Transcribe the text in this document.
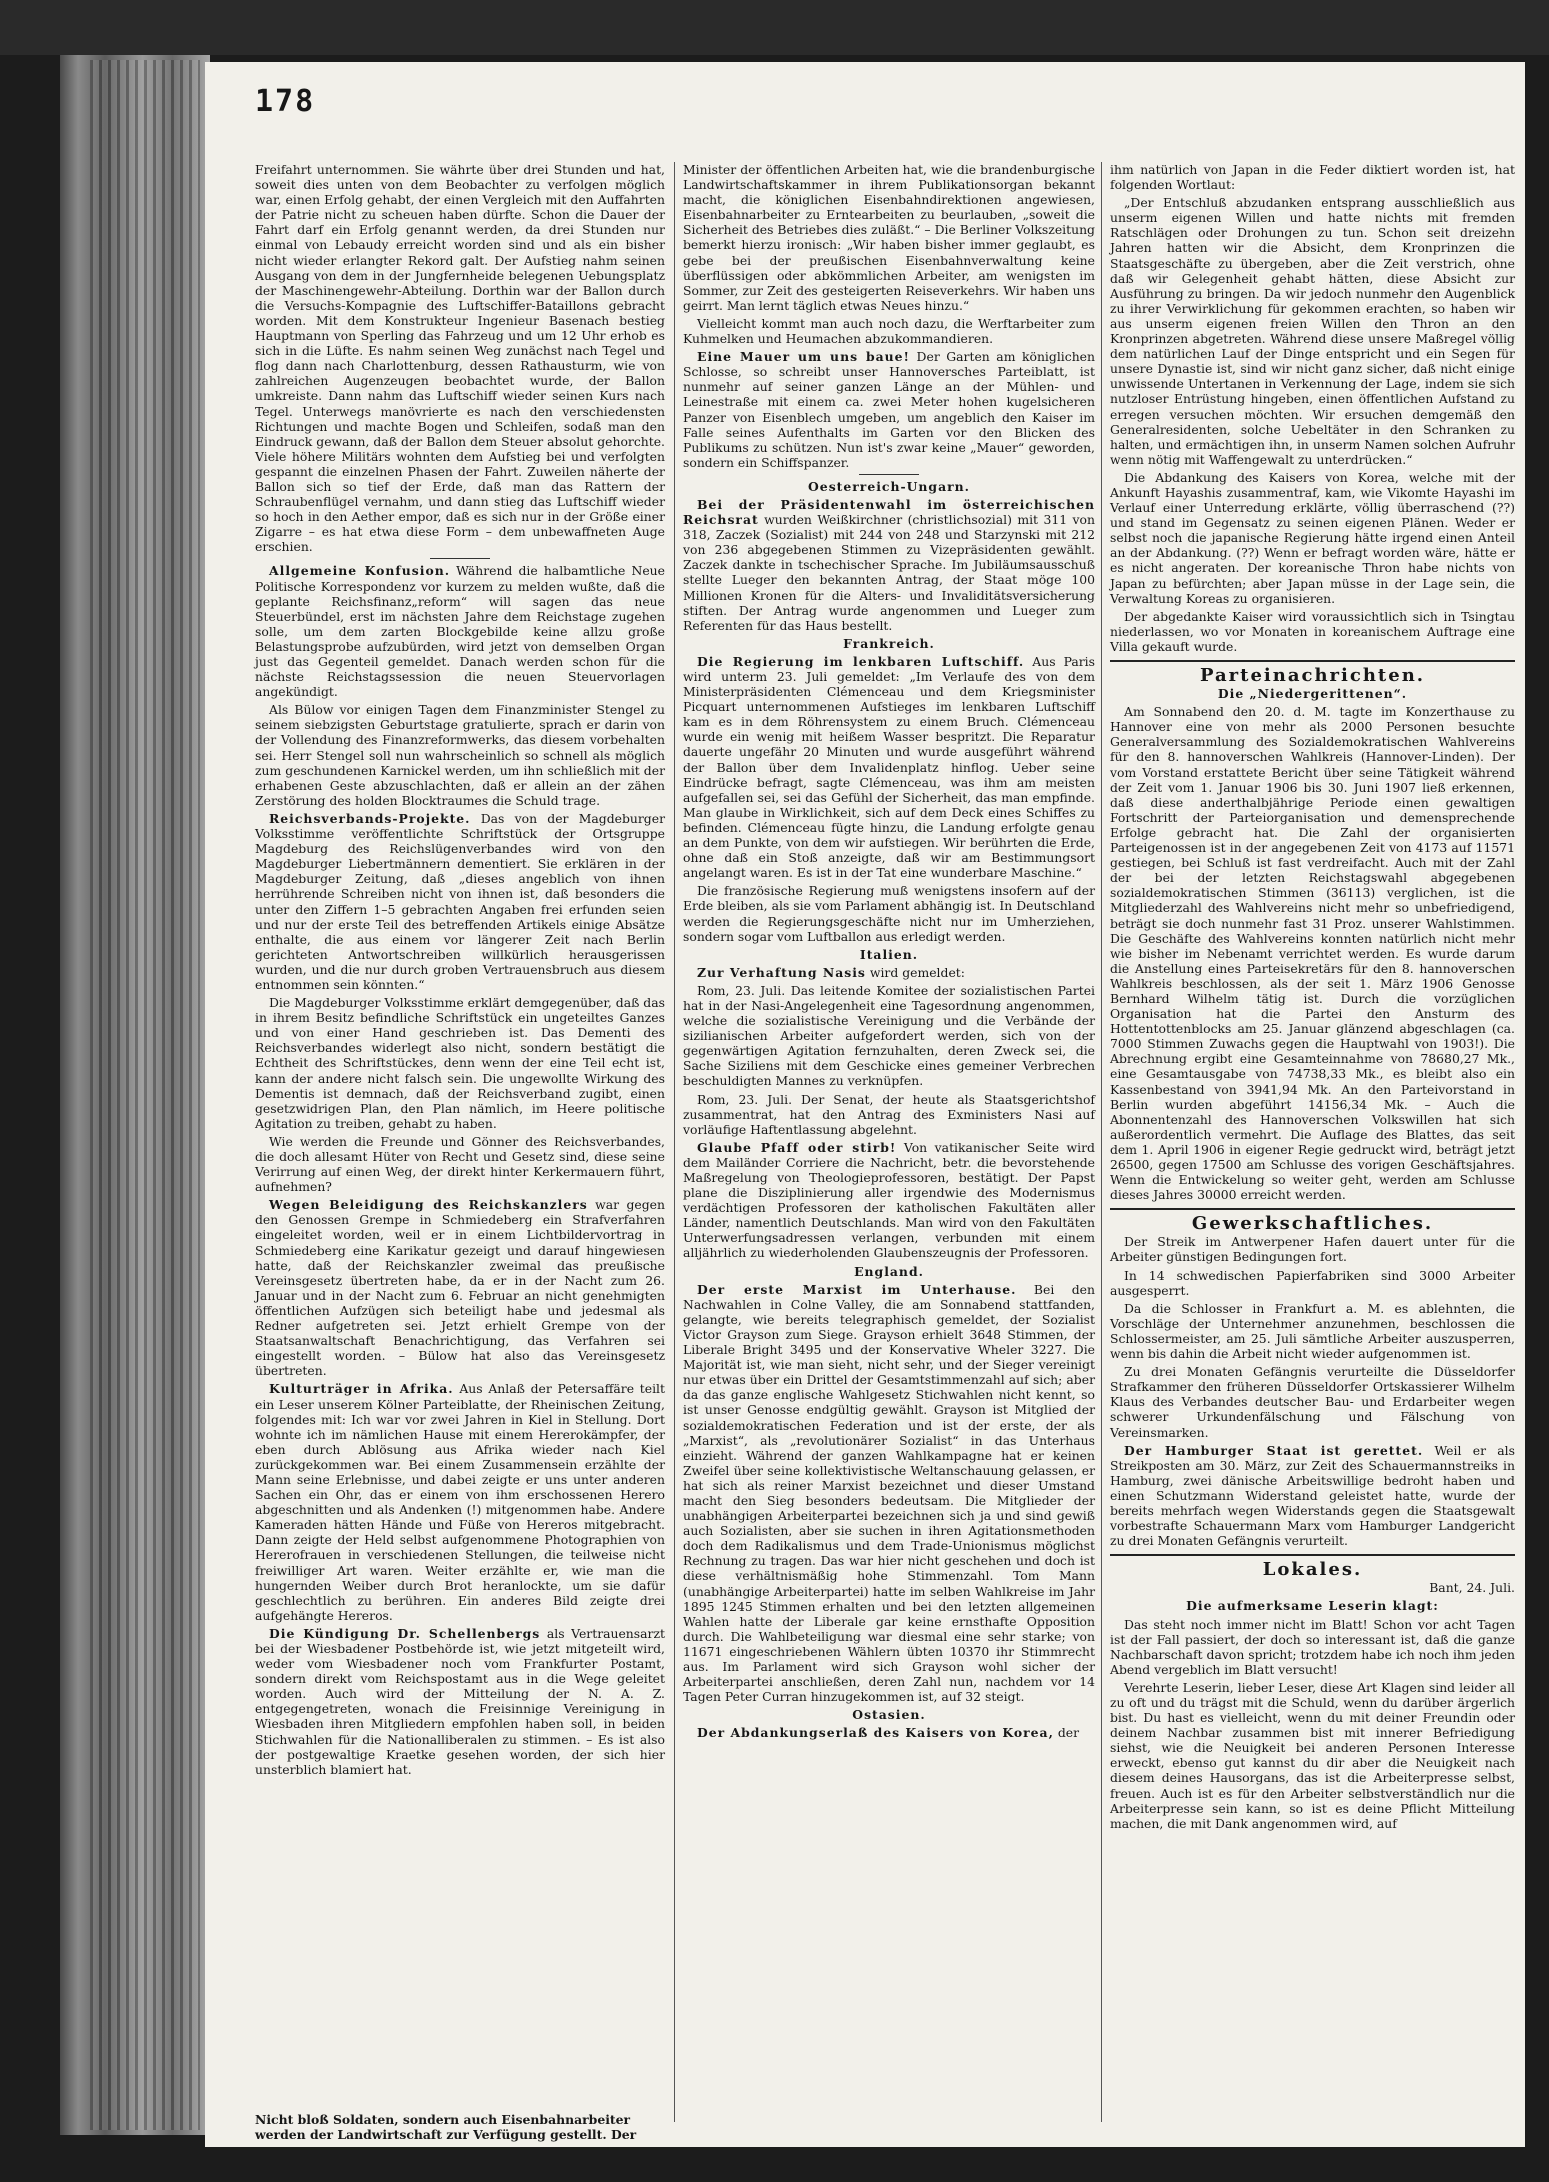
178

Freifahrt unternommen. Sie währte über drei Stunden und hat, soweit dies unten von dem Beobachter zu verfolgen möglich war, einen Erfolg gehabt, der einen Vergleich mit den Auffahrten der Patrie nicht zu scheuen haben dürfte. Schon die Dauer der Fahrt darf ein Erfolg genannt werden, da drei Stunden nur einmal von Lebaudy erreicht worden sind und als ein bisher nicht wieder erlangter Rekord galt. Der Aufstieg nahm seinen Ausgang von dem in der Jungfernheide belegenen Uebungsplatz der Maschinengewehr-Abteilung. Dorthin war der Ballon durch die Versuchs-Kompagnie des Luftschiffer-Bataillons gebracht worden. Mit dem Konstrukteur Ingenieur Basenach bestieg Hauptmann von Sperling das Fahrzeug und um 12 Uhr erhob es sich in die Lüfte. Es nahm seinen Weg zunächst nach Tegel und flog dann nach Charlottenburg, dessen Rathausturm, wie von zahlreichen Augenzeugen beobachtet wurde, der Ballon umkreiste. Dann nahm das Luftschiff wieder seinen Kurs nach Tegel. Unterwegs manövrierte es nach den verschiedensten Richtungen und machte Bogen und Schleifen, sodaß man den Eindruck gewann, daß der Ballon dem Steuer absolut gehorchte. Viele höhere Militärs wohnten dem Aufstieg bei und verfolgten gespannt die einzelnen Phasen der Fahrt. Zuweilen näherte der Ballon sich so tief der Erde, daß man das Rattern der Schraubenflügel vernahm, und dann stieg das Luftschiff wieder so hoch in den Aether empor, daß es sich nur in der Größe einer Zigarre – es hat etwa diese Form – dem unbewaffneten Auge erschien.

Allgemeine Konfusion. Während die halbamtliche Neue Politische Korrespondenz vor kurzem zu melden wußte, daß die geplante Reichsfinanz„reform“ will sagen das neue Steuerbündel, erst im nächsten Jahre dem Reichstage zugehen solle, um dem zarten Blockgebilde keine allzu große Belastungsprobe aufzubürden, wird jetzt von demselben Organ just das Gegenteil gemeldet. Danach werden schon für die nächste Reichstagssession die neuen Steuervorlagen angekündigt.

Als Bülow vor einigen Tagen dem Finanzminister Stengel zu seinem siebzigsten Geburtstage gratulierte, sprach er darin von der Vollendung des Finanzreformwerks, das diesem vorbehalten sei. Herr Stengel soll nun wahrscheinlich so schnell als möglich zum geschundenen Karnickel werden, um ihn schließlich mit der erhabenen Geste abzuschlachten, daß er allein an der zähen Zerstörung des holden Blocktraumes die Schuld trage.

Reichsverbands-Projekte. Das von der Magdeburger Volksstimme veröffentlichte Schriftstück der Ortsgruppe Magdeburg des Reichslügenverbandes wird von den Magdeburger Liebertmännern dementiert. Sie erklären in der Magdeburger Zeitung, daß „dieses angeblich von ihnen herrührende Schreiben nicht von ihnen ist, daß besonders die unter den Ziffern 1–5 gebrachten Angaben frei erfunden seien und nur der erste Teil des betreffenden Artikels einige Absätze enthalte, die aus einem vor längerer Zeit nach Berlin gerichteten Antwortschreiben willkürlich herausgerissen wurden, und die nur durch groben Vertrauensbruch aus diesem entnommen sein könnten.“

Die Magdeburger Volksstimme erklärt demgegenüber, daß das in ihrem Besitz befindliche Schriftstück ein ungeteiltes Ganzes und von einer Hand geschrieben ist. Das Dementi des Reichsverbandes widerlegt also nicht, sondern bestätigt die Echtheit des Schriftstückes, denn wenn der eine Teil echt ist, kann der andere nicht falsch sein. Die ungewollte Wirkung des Dementis ist demnach, daß der Reichsverband zugibt, einen gesetzwidrigen Plan, den Plan nämlich, im Heere politische Agitation zu treiben, gehabt zu haben.

Wie werden die Freunde und Gönner des Reichsverbandes, die doch allesamt Hüter von Recht und Gesetz sind, diese seine Verirrung auf einen Weg, der direkt hinter Kerkermauern führt, aufnehmen?

Wegen Beleidigung des Reichskanzlers war gegen den Genossen Grempe in Schmiedeberg ein Strafverfahren eingeleitet worden, weil er in einem Lichtbildervortrag in Schmiedeberg eine Karikatur gezeigt und darauf hingewiesen hatte, daß der Reichskanzler zweimal das preußische Vereinsgesetz übertreten habe, da er in der Nacht zum 26. Januar und in der Nacht zum 6. Februar an nicht genehmigten öffentlichen Aufzügen sich beteiligt habe und jedesmal als Redner aufgetreten sei. Jetzt erhielt Grempe von der Staatsanwaltschaft Benachrichtigung, das Verfahren sei eingestellt worden. – Bülow hat also das Vereinsgesetz übertreten.

Kulturträger in Afrika. Aus Anlaß der Petersaffäre teilt ein Leser unserem Kölner Parteiblatte, der Rheinischen Zeitung, folgendes mit: Ich war vor zwei Jahren in Kiel in Stellung. Dort wohnte ich im nämlichen Hause mit einem Hererokämpfer, der eben durch Ablösung aus Afrika wieder nach Kiel zurückgekommen war. Bei einem Zusammensein erzählte der Mann seine Erlebnisse, und dabei zeigte er uns unter anderen Sachen ein Ohr, das er einem von ihm erschossenen Herero abgeschnitten und als Andenken (!) mitgenommen habe. Andere Kameraden hätten Hände und Füße von Hereros mitgebracht. Dann zeigte der Held selbst aufgenommene Photographien von Hererofrauen in verschiedenen Stellungen, die teilweise nicht freiwilliger Art waren. Weiter erzählte er, wie man die hungernden Weiber durch Brot heranlockte, um sie dafür geschlechtlich zu berühren. Ein anderes Bild zeigte drei aufgehängte Hereros.

Die Kündigung Dr. Schellenbergs als Vertrauensarzt bei der Wiesbadener Postbehörde ist, wie jetzt mitgeteilt wird, weder vom Wiesbadener noch vom Frankfurter Postamt, sondern direkt vom Reichspostamt aus in die Wege geleitet worden. Auch wird der Mitteilung der N. A. Z. entgegengetreten, wonach die Freisinnige Vereinigung in Wiesbaden ihren Mitgliedern empfohlen haben soll, in beiden Stichwahlen für die Nationalliberalen zu stimmen. – Es ist also der postgewaltige Kraetke gesehen worden, der sich hier unsterblich blamiert hat.

Nicht bloß Soldaten, sondern auch Eisenbahnarbeiter werden der Landwirtschaft zur Verfügung gestellt. Der

Minister der öffentlichen Arbeiten hat, wie die brandenburgische Landwirtschaftskammer in ihrem Publikationsorgan bekannt macht, die königlichen Eisenbahndirektionen angewiesen, Eisenbahnarbeiter zu Erntearbeiten zu beurlauben, „soweit die Sicherheit des Betriebes dies zuläßt.“ – Die Berliner Volkszeitung bemerkt hierzu ironisch: „Wir haben bisher immer geglaubt, es gebe bei der preußischen Eisenbahnverwaltung keine überflüssigen oder abkömmlichen Arbeiter, am wenigsten im Sommer, zur Zeit des gesteigerten Reiseverkehrs. Wir haben uns geirrt. Man lernt täglich etwas Neues hinzu.“

Vielleicht kommt man auch noch dazu, die Werftarbeiter zum Kuhmelken und Heumachen abzukommandieren.

Eine Mauer um uns baue! Der Garten am königlichen Schlosse, so schreibt unser Hannoversches Parteiblatt, ist nunmehr auf seiner ganzen Länge an der Mühlen- und Leinestraße mit einem ca. zwei Meter hohen kugelsicheren Panzer von Eisenblech umgeben, um angeblich den Kaiser im Falle seines Aufenthalts im Garten vor den Blicken des Publikums zu schützen. Nun ist's zwar keine „Mauer“ geworden, sondern ein Schiffspanzer.

Oesterreich-Ungarn.

Bei der Präsidentenwahl im österreichischen Reichsrat wurden Weißkirchner (christlichsozial) mit 311 von 318, Zaczek (Sozialist) mit 244 von 248 und Starzynski mit 212 von 236 abgegebenen Stimmen zu Vizepräsidenten gewählt. Zaczek dankte in tschechischer Sprache. Im Jubiläumsausschuß stellte Lueger den bekannten Antrag, der Staat möge 100 Millionen Kronen für die Alters- und Invaliditätsversicherung stiften. Der Antrag wurde angenommen und Lueger zum Referenten für das Haus bestellt.

Frankreich.

Die Regierung im lenkbaren Luftschiff. Aus Paris wird unterm 23. Juli gemeldet: „Im Verlaufe des von dem Ministerpräsidenten Clémenceau und dem Kriegsminister Picquart unternommenen Aufstieges im lenkbaren Luftschiff kam es in dem Röhrensystem zu einem Bruch. Clémenceau wurde ein wenig mit heißem Wasser bespritzt. Die Reparatur dauerte ungefähr 20 Minuten und wurde ausgeführt während der Ballon über dem Invalidenplatz hinflog. Ueber seine Eindrücke befragt, sagte Clémenceau, was ihm am meisten aufgefallen sei, sei das Gefühl der Sicherheit, das man empfinde. Man glaube in Wirklichkeit, sich auf dem Deck eines Schiffes zu befinden. Clémenceau fügte hinzu, die Landung erfolgte genau an dem Punkte, von dem wir aufstiegen. Wir berührten die Erde, ohne daß ein Stoß anzeigte, daß wir am Bestimmungsort angelangt waren. Es ist in der Tat eine wunderbare Maschine.“

Die französische Regierung muß wenigstens insofern auf der Erde bleiben, als sie vom Parlament abhängig ist. In Deutschland werden die Regierungsgeschäfte nicht nur im Umherziehen, sondern sogar vom Luftballon aus erledigt werden.

Italien.

Zur Verhaftung Nasis wird gemeldet:

Rom, 23. Juli. Das leitende Komitee der sozialistischen Partei hat in der Nasi-Angelegenheit eine Tagesordnung angenommen, welche die sozialistische Vereinigung und die Verbände der sizilianischen Arbeiter aufgefordert werden, sich von der gegenwärtigen Agitation fernzuhalten, deren Zweck sei, die Sache Siziliens mit dem Geschicke eines gemeiner Verbrechen beschuldigten Mannes zu verknüpfen.

Rom, 23. Juli. Der Senat, der heute als Staatsgerichtshof zusammentrat, hat den Antrag des Exministers Nasi auf vorläufige Haftentlassung abgelehnt.

Glaube Pfaff oder stirb! Von vatikanischer Seite wird dem Mailänder Corriere die Nachricht, betr. die bevorstehende Maßregelung von Theologieprofessoren, bestätigt. Der Papst plane die Disziplinierung aller irgendwie des Modernismus verdächtigen Professoren der katholischen Fakultäten aller Länder, namentlich Deutschlands. Man wird von den Fakultäten Unterwerfungsadressen verlangen, verbunden mit einem alljährlich zu wiederholenden Glaubenszeugnis der Professoren.

England.

Der erste Marxist im Unterhause. Bei den Nachwahlen in Colne Valley, die am Sonnabend stattfanden, gelangte, wie bereits telegraphisch gemeldet, der Sozialist Victor Grayson zum Siege. Grayson erhielt 3648 Stimmen, der Liberale Bright 3495 und der Konservative Wheler 3227. Die Majorität ist, wie man sieht, nicht sehr, und der Sieger vereinigt nur etwas über ein Drittel der Gesamtstimmenzahl auf sich; aber da das ganze englische Wahlgesetz Stichwahlen nicht kennt, so ist unser Genosse endgültig gewählt. Grayson ist Mitglied der sozialdemokratischen Federation und ist der erste, der als „Marxist“, als „revolutionärer Sozialist“ in das Unterhaus einzieht. Während der ganzen Wahlkampagne hat er keinen Zweifel über seine kollektivistische Weltanschauung gelassen, er hat sich als reiner Marxist bezeichnet und dieser Umstand macht den Sieg besonders bedeutsam. Die Mitglieder der unabhängigen Arbeiterpartei bezeichnen sich ja und sind gewiß auch Sozialisten, aber sie suchen in ihren Agitationsmethoden doch dem Radikalismus und dem Trade-Unionismus möglichst Rechnung zu tragen. Das war hier nicht geschehen und doch ist diese verhältnismäßig hohe Stimmenzahl. Tom Mann (unabhängige Arbeiterpartei) hatte im selben Wahlkreise im Jahr 1895 1245 Stimmen erhalten und bei den letzten allgemeinen Wahlen hatte der Liberale gar keine ernsthafte Opposition durch. Die Wahlbeteiligung war diesmal eine sehr starke; von 11671 eingeschriebenen Wählern übten 10370 ihr Stimmrecht aus. Im Parlament wird sich Grayson wohl sicher der Arbeiterpartei anschließen, deren Zahl nun, nachdem vor 14 Tagen Peter Curran hinzugekommen ist, auf 32 steigt.

Ostasien.

Der Abdankungserlaß des Kaisers von Korea, der

ihm natürlich von Japan in die Feder diktiert worden ist, hat folgenden Wortlaut:

„Der Entschluß abzudanken entsprang ausschließlich aus unserm eigenen Willen und hatte nichts mit fremden Ratschlägen oder Drohungen zu tun. Schon seit dreizehn Jahren hatten wir die Absicht, dem Kronprinzen die Staatsgeschäfte zu übergeben, aber die Zeit verstrich, ohne daß wir Gelegenheit gehabt hätten, diese Absicht zur Ausführung zu bringen. Da wir jedoch nunmehr den Augenblick zu ihrer Verwirklichung für gekommen erachten, so haben wir aus unserm eigenen freien Willen den Thron an den Kronprinzen abgetreten. Während diese unsere Maßregel völlig dem natürlichen Lauf der Dinge entspricht und ein Segen für unsere Dynastie ist, sind wir nicht ganz sicher, daß nicht einige unwissende Untertanen in Verkennung der Lage, indem sie sich nutzloser Entrüstung hingeben, einen öffentlichen Aufstand zu erregen versuchen möchten. Wir ersuchen demgemäß den Generalresidenten, solche Uebeltäter in den Schranken zu halten, und ermächtigen ihn, in unserm Namen solchen Aufruhr wenn nötig mit Waffengewalt zu unterdrücken.“

Die Abdankung des Kaisers von Korea, welche mit der Ankunft Hayashis zusammentraf, kam, wie Vikomte Hayashi im Verlauf einer Unterredung erklärte, völlig überraschend (??) und stand im Gegensatz zu seinen eigenen Plänen. Weder er selbst noch die japanische Regierung hätte irgend einen Anteil an der Abdankung. (??) Wenn er befragt worden wäre, hätte er es nicht angeraten. Der koreanische Thron habe nichts von Japan zu befürchten; aber Japan müsse in der Lage sein, die Verwaltung Koreas zu organisieren.

Der abgedankte Kaiser wird voraussichtlich sich in Tsingtau niederlassen, wo vor Monaten in koreanischem Auftrage eine Villa gekauft wurde.

Parteinachrichten.

Die „Niedergerittenen“.

Am Sonnabend den 20. d. M. tagte im Konzerthause zu Hannover eine von mehr als 2000 Personen besuchte Generalversammlung des Sozialdemokratischen Wahlvereins für den 8. hannoverschen Wahlkreis (Hannover-Linden). Der vom Vorstand erstattete Bericht über seine Tätigkeit während der Zeit vom 1. Januar 1906 bis 30. Juni 1907 ließ erkennen, daß diese anderthalbjährige Periode einen gewaltigen Fortschritt der Parteiorganisation und demensprechende Erfolge gebracht hat. Die Zahl der organisierten Parteigenossen ist in der angegebenen Zeit von 4173 auf 11571 gestiegen, bei Schluß ist fast verdreifacht. Auch mit der Zahl der bei der letzten Reichstagswahl abgegebenen sozialdemokratischen Stimmen (36113) verglichen, ist die Mitgliederzahl des Wahlvereins nicht mehr so unbefriedigend, beträgt sie doch nunmehr fast 31 Proz. unserer Wahlstimmen. Die Geschäfte des Wahlvereins konnten natürlich nicht mehr wie bisher im Nebenamt verrichtet werden. Es wurde darum die Anstellung eines Parteisekretärs für den 8. hannoverschen Wahlkreis beschlossen, als der seit 1. März 1906 Genosse Bernhard Wilhelm tätig ist. Durch die vorzüglichen Organisation hat die Partei den Ansturm des Hottentottenblocks am 25. Januar glänzend abgeschlagen (ca. 7000 Stimmen Zuwachs gegen die Hauptwahl von 1903!). Die Abrechnung ergibt eine Gesamteinnahme von 78680,27 Mk., eine Gesamtausgabe von 74738,33 Mk., es bleibt also ein Kassenbestand von 3941,94 Mk. An den Parteivorstand in Berlin wurden abgeführt 14156,34 Mk. – Auch die Abonnentenzahl des Hannoverschen Volkswillen hat sich außerordentlich vermehrt. Die Auflage des Blattes, das seit dem 1. April 1906 in eigener Regie gedruckt wird, beträgt jetzt 26500, gegen 17500 am Schlusse des vorigen Geschäftsjahres. Wenn die Entwickelung so weiter geht, werden am Schlusse dieses Jahres 30000 erreicht werden.

Gewerkschaftliches.

Der Streik im Antwerpener Hafen dauert unter für die Arbeiter günstigen Bedingungen fort.

In 14 schwedischen Papierfabriken sind 3000 Arbeiter ausgesperrt.

Da die Schlosser in Frankfurt a. M. es ablehnten, die Vorschläge der Unternehmer anzunehmen, beschlossen die Schlossermeister, am 25. Juli sämtliche Arbeiter auszusperren, wenn bis dahin die Arbeit nicht wieder aufgenommen ist.

Zu drei Monaten Gefängnis verurteilte die Düsseldorfer Strafkammer den früheren Düsseldorfer Ortskassierer Wilhelm Klaus des Verbandes deutscher Bau- und Erdarbeiter wegen schwerer Urkundenfälschung und Fälschung von Vereinsmarken.

Der Hamburger Staat ist gerettet. Weil er als Streikposten am 30. März, zur Zeit des Schauermannstreiks in Hamburg, zwei dänische Arbeitswillige bedroht haben und einen Schutzmann Widerstand geleistet hatte, wurde der bereits mehrfach wegen Widerstands gegen die Staatsgewalt vorbestrafte Schauermann Marx vom Hamburger Landgericht zu drei Monaten Gefängnis verurteilt.

Lokales.

Bant, 24. Juli.

Die aufmerksame Leserin klagt:

Das steht noch immer nicht im Blatt! Schon vor acht Tagen ist der Fall passiert, der doch so interessant ist, daß die ganze Nachbarschaft davon spricht; trotzdem habe ich noch ihm jeden Abend vergeblich im Blatt versucht!

Verehrte Leserin, lieber Leser, diese Art Klagen sind leider all zu oft und du trägst mit die Schuld, wenn du darüber ärgerlich bist. Du hast es vielleicht, wenn du mit deiner Freundin oder deinem Nachbar zusammen bist mit innerer Befriedigung siehst, wie die Neuigkeit bei anderen Personen Interesse erweckt, ebenso gut kannst du dir aber die Neuigkeit nach diesem deines Hausorgans, das ist die Arbeiterpresse selbst, freuen. Auch ist es für den Arbeiter selbstverständlich nur die Arbeiterpresse sein kann, so ist es deine Pflicht Mitteilung machen, die mit Dank angenommen wird, auf
